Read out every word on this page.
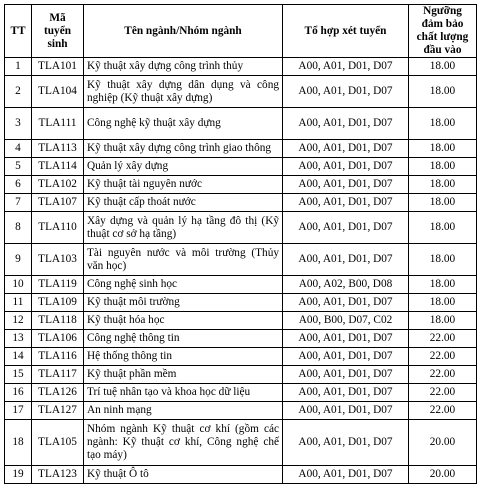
TT	Mã tuyển sinh	Tên ngành/Nhóm ngành	Tổ hợp xét tuyển	Ngưỡng đảm bảo chất lượng đầu vào
1	TLA101	Kỹ thuật xây dựng công trình thủy	A00, A01, D01, D07	18.00
2	TLA104	Kỹ thuật xây dựng dân dụng và công nghiệp (Kỹ thuật xây dựng)	A00, A01, D01, D07	18.00
3	TLA111	Công nghệ kỹ thuật xây dựng	A00, A01, D01, D07	18.00
4	TLA113	Kỹ thuật xây dựng công trình giao thông	A00, A01, D01, D07	18.00
5	TLA114	Quản lý xây dựng	A00, A01, D01, D07	18.00
6	TLA102	Kỹ thuật tài nguyên nước	A00, A01, D01, D07	18.00
7	TLA107	Kỹ thuật cấp thoát nước	A00, A01, D01, D07	18.00
8	TLA110	Xây dựng và quản lý hạ tầng đô thị (Kỹ thuật cơ sở hạ tầng)	A00, A01, D01, D07	18.00
9	TLA103	Tài nguyên nước và môi trường (Thủy văn học)	A00, A01, D01, D07	18.00
10	TLA119	Công nghệ sinh học	A00, A02, B00, D08	18.00
11	TLA109	Kỹ thuật môi trường	A00, A01, D01, D07	18.00
12	TLA118	Kỹ thuật hóa học	A00, B00, D07, C02	18.00
13	TLA106	Công nghệ thông tin	A00, A01, D01, D07	22.00
14	TLA116	Hệ thống thông tin	A00, A01, D01, D07	22.00
15	TLA117	Kỹ thuật phần mềm	A00, A01, D01, D07	22.00
16	TLA126	Trí tuệ nhân tạo và khoa học dữ liệu	A00, A01, D01, D07	22.00
17	TLA127	An ninh mạng	A00, A01, D01, D07	22.00
18	TLA105	Nhóm ngành Kỹ thuật cơ khí (gồm các ngành: Kỹ thuật cơ khí, Công nghệ chế tạo máy)	A00, A01, D01, D07	20.00
19	TLA123	Kỹ thuật Ô tô	A00, A01, D01, D07	20.00
